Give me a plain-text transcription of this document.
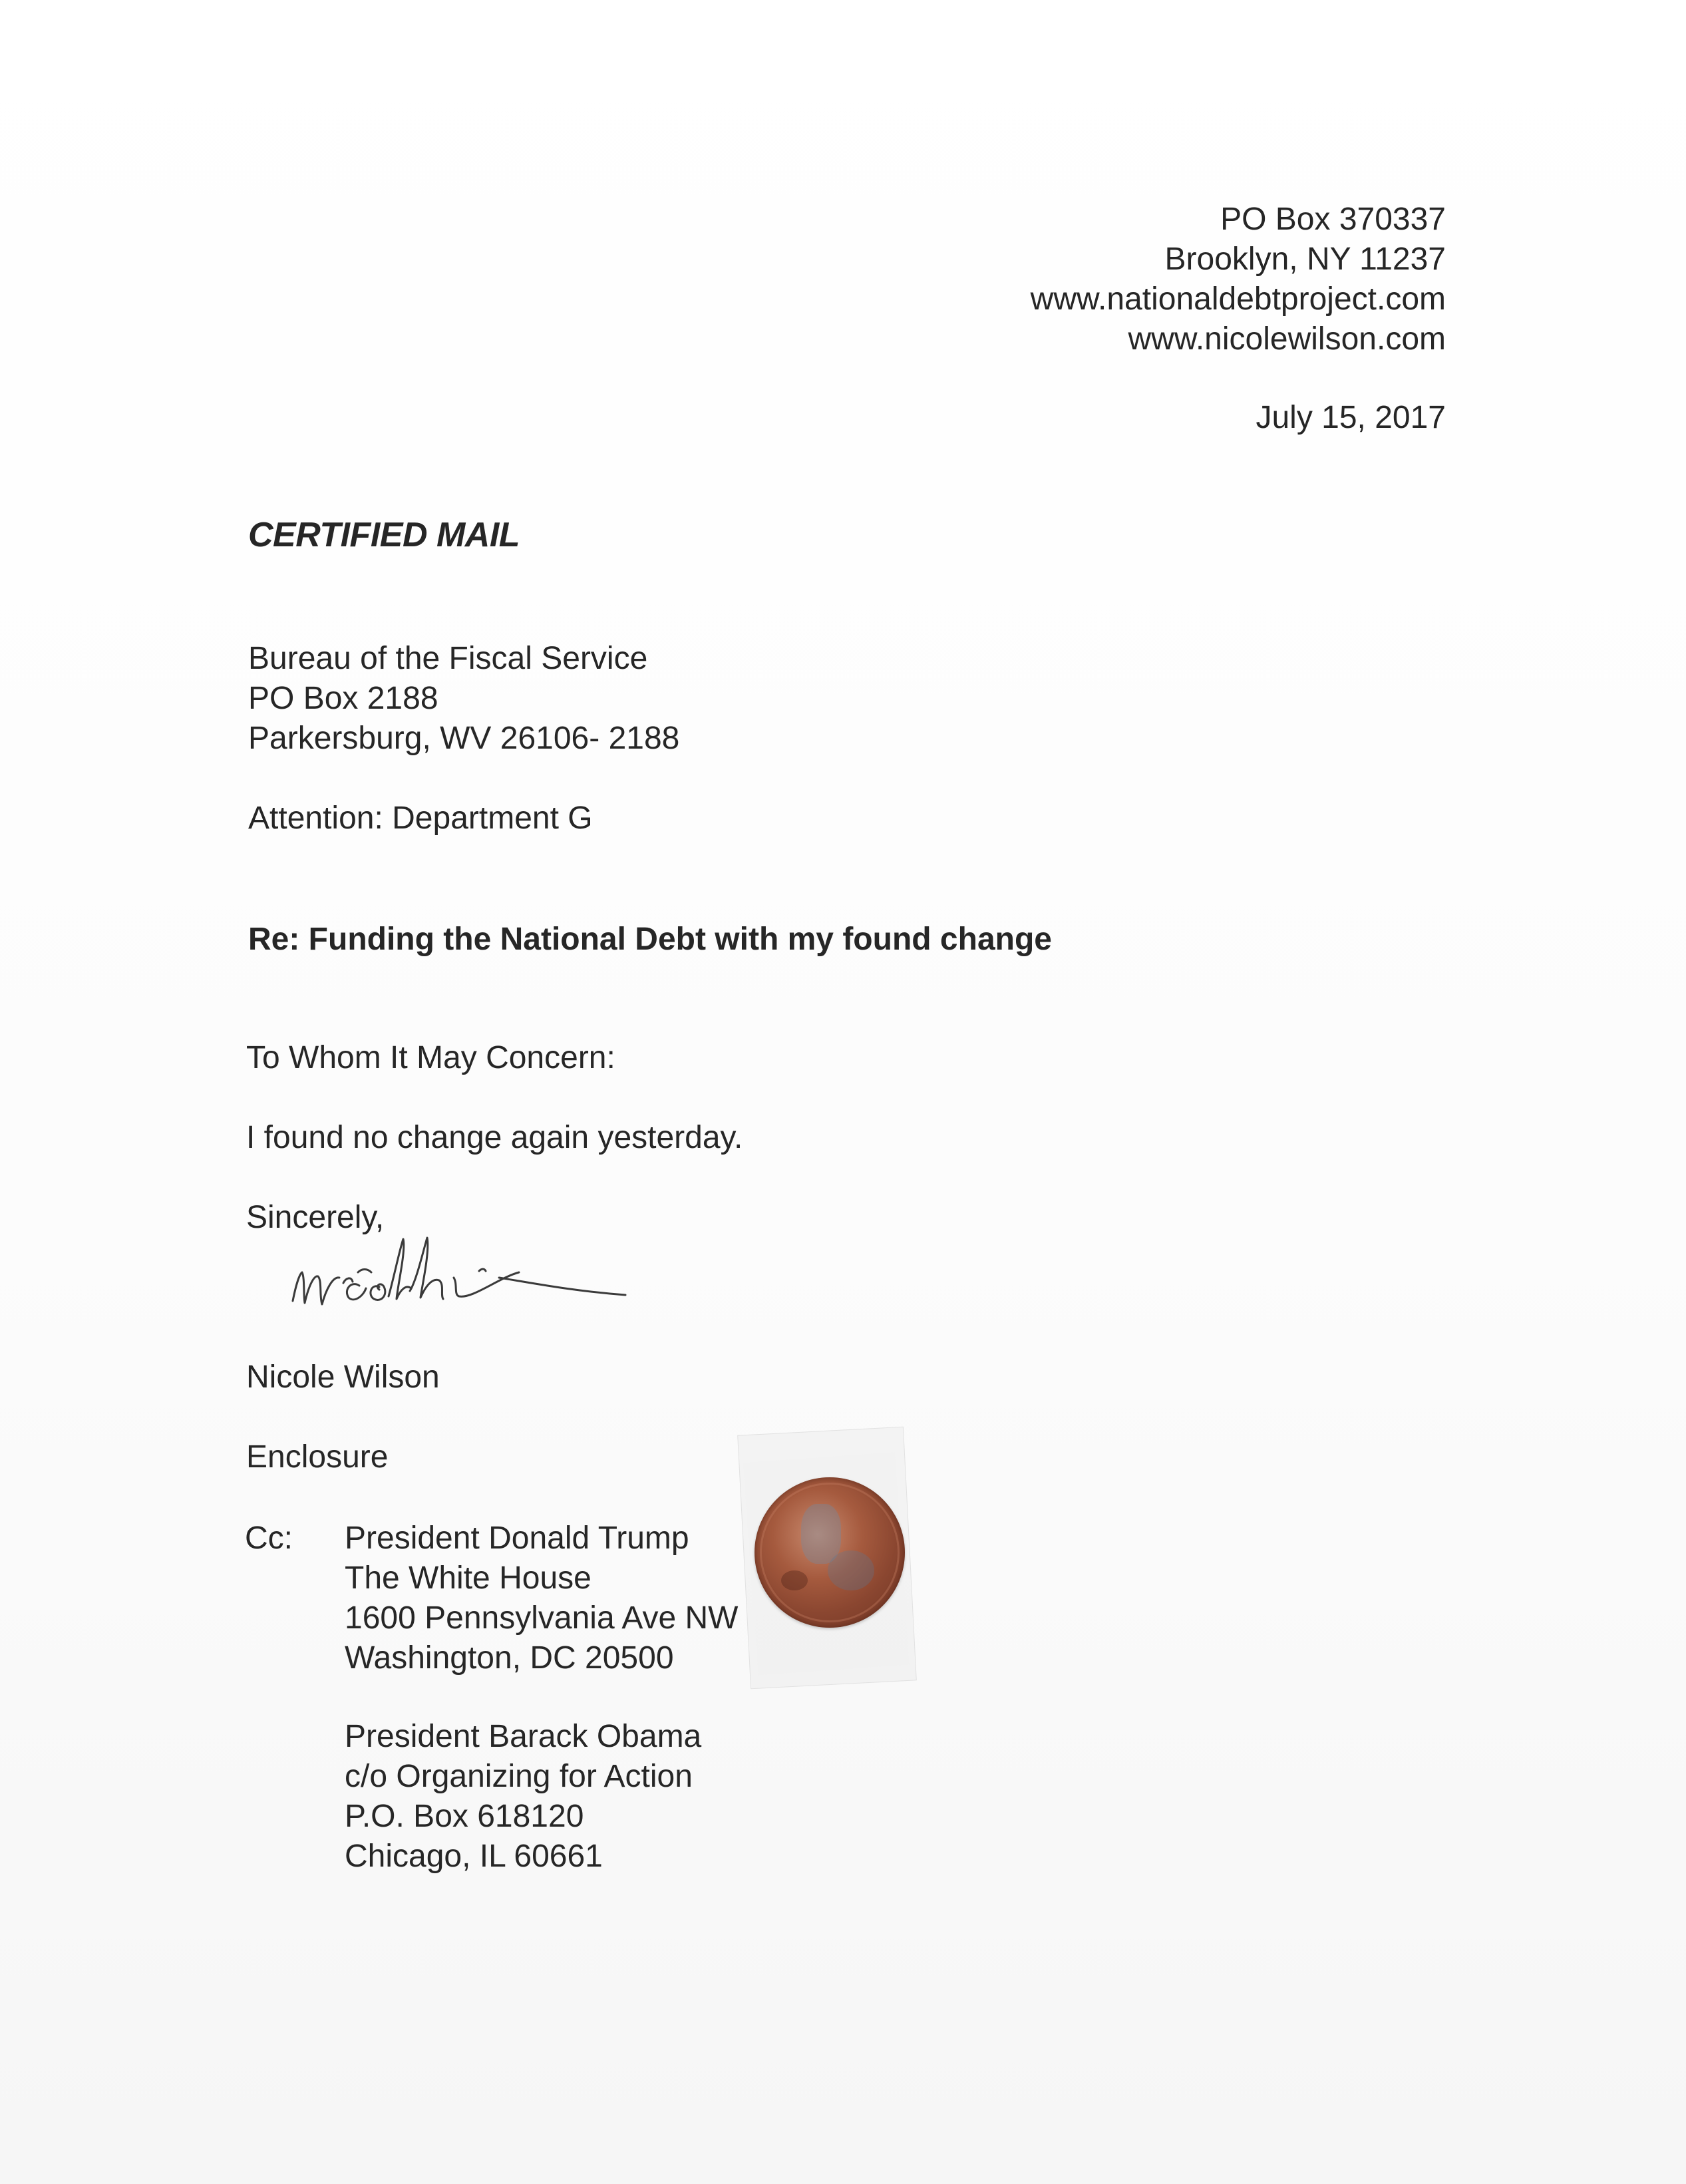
PO Box 370337
Brooklyn, NY 11237
www.nationaldebtproject.com
www.nicolewilson.com
July 15, 2017
CERTIFIED MAIL
Bureau of the Fiscal Service
PO Box 2188
Parkersburg, WV 26106- 2188
Attention: Department G
Re: Funding the National Debt with my found change
To Whom It May Concern:
I found no change again yesterday.
Sincerely,
Nicole Wilson
Enclosure
Cc: President Donald Trump
The White House
1600 Pennsylvania Ave NW
Washington, DC 20500
President Barack Obama
c/o Organizing for Action
P.O. Box 618120
Chicago, IL 60661
